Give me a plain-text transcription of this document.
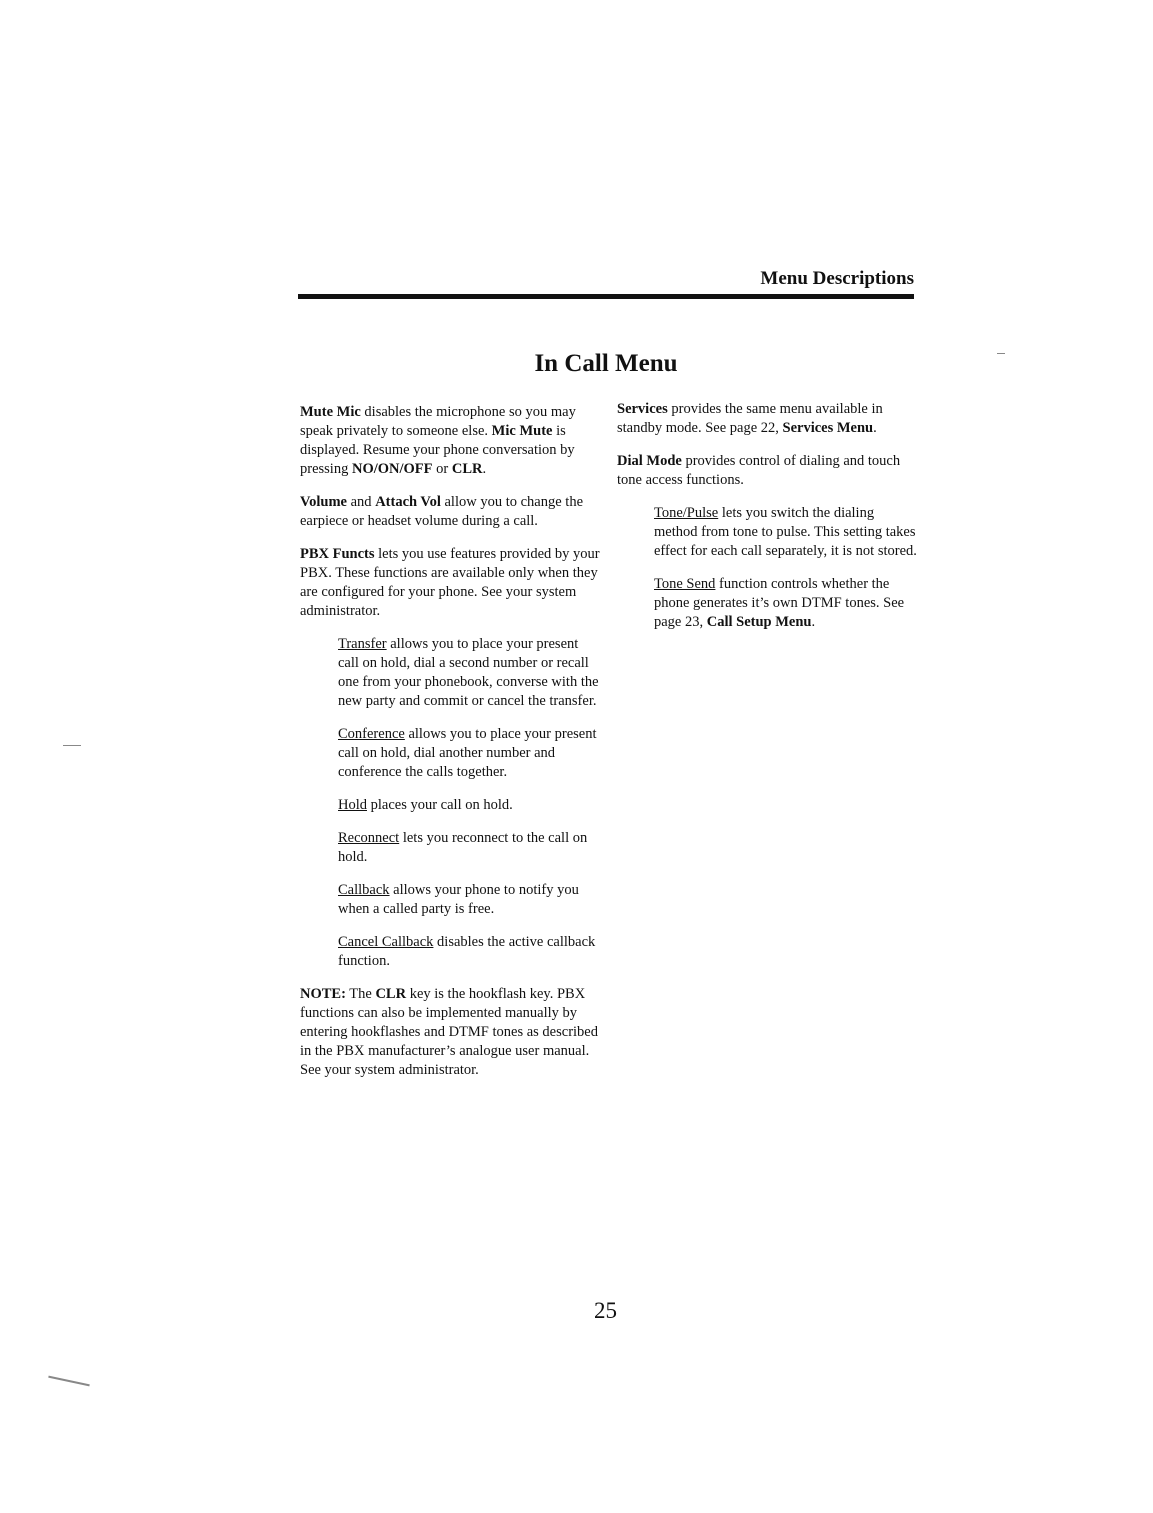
Menu Descriptions
In Call Menu

Mute Mic disables the microphone so you may speak privately to someone else. Mic Mute is displayed. Resume your phone conversation by pressing NO/ON/OFF or CLR.

Volume and Attach Vol allow you to change the earpiece or headset volume during a call.

PBX Functs lets you use features provided by your PBX. These functions are available only when they are configured for your phone. See your system administrator.

Transfer allows you to place your present call on hold, dial a second number or recall one from your phonebook, converse with the new party and commit or cancel the transfer.

Conference allows you to place your present call on hold, dial another number and conference the calls together.

Hold places your call on hold.

Reconnect lets you reconnect to the call on hold.

Callback allows your phone to notify you when a called party is free.

Cancel Callback disables the active callback function.

NOTE: The CLR key is the hookflash key. PBX functions can also be implemented manually by entering hookflashes and DTMF tones as described in the PBX manufacturer’s analogue user manual. See your system administrator.

Services provides the same menu available in standby mode. See page 22, Services Menu.

Dial Mode provides control of dialing and touch tone access functions.

Tone/Pulse lets you switch the dialing method from tone to pulse. This setting takes effect for each call separately, it is not stored.

Tone Send function controls whether the phone generates it’s own DTMF tones. See page 23, Call Setup Menu.

25
